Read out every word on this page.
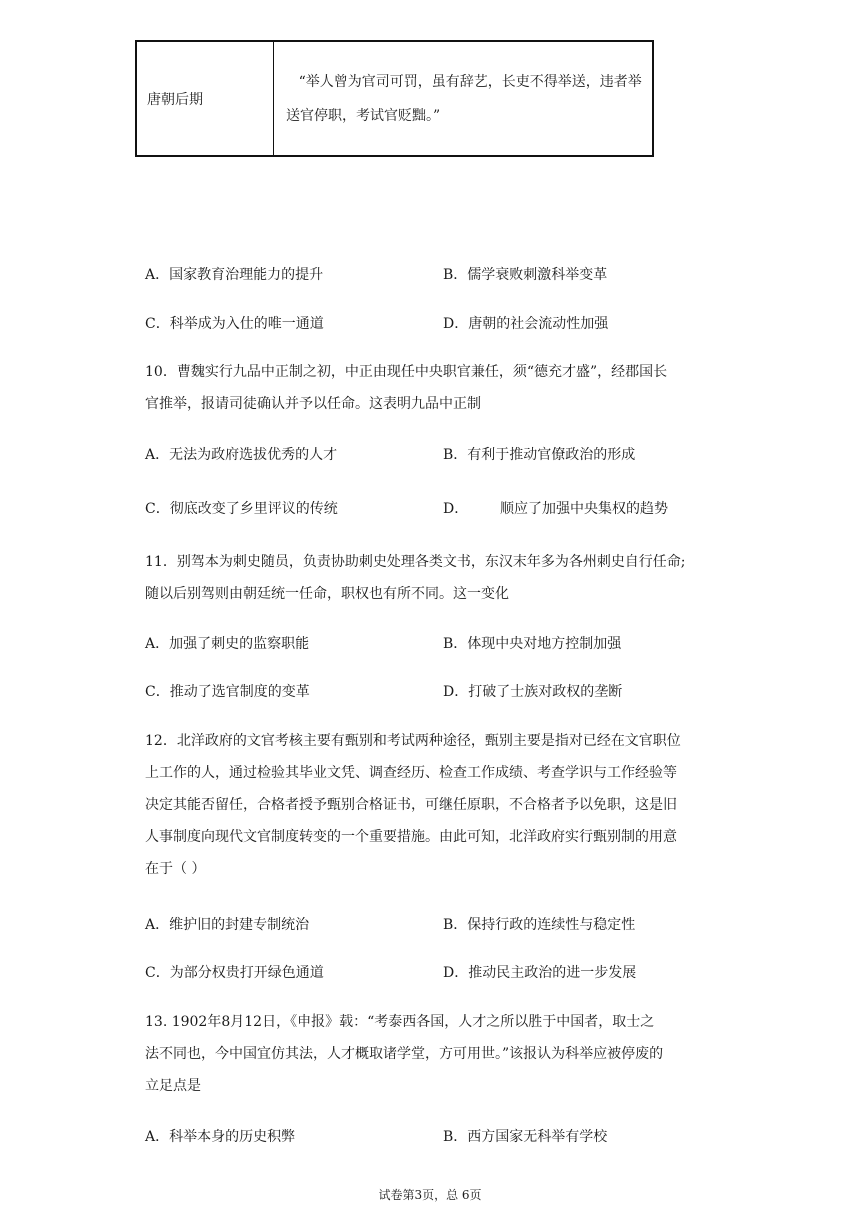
唐朝后期	“举人曾为官司可罚，虽有辞艺，长吏不得举送，违者举送官停职，考试官贬黜。”
A．国家教育治理能力的提升	B．儒学衰败刺激科举变革
C．科举成为入仕的唯一通道	D．唐朝的社会流动性加强
10．曹魏实行九品中正制之初，中正由现任中央职官兼任，须“德充才盛”，经郡国长
官推举，报请司徒确认并予以任命。这表明九品中正制
A．无法为政府选拔优秀的人才	B．有利于推动官僚政治的形成
C．彻底改变了乡里评议的传统	D． 顺应了加强中央集权的趋势
11．别驾本为刺史随员，负责协助刺史处理各类文书，东汉末年多为各州刺史自行任命;
随以后别驾则由朝廷统一任命，职权也有所不同。这一变化
A．加强了刺史的监察职能	B．体现中央对地方控制加强
C．推动了选官制度的变革	D．打破了士族对政权的垄断
12．北洋政府的文官考核主要有甄别和考试两种途径，甄别主要是指对已经在文官职位
上工作的人，通过检验其毕业文凭、调查经历、检查工作成绩、考查学识与工作经验等
决定其能否留任，合格者授予甄别合格证书，可继任原职，不合格者予以免职，这是旧
人事制度向现代文官制度转变的一个重要措施。由此可知，北洋政府实行甄别制的用意
在于（ ）
A．维护旧的封建专制统治	B．保持行政的连续性与稳定性
C．为部分权贵打开绿色通道	D．推动民主政治的进一步发展
13. 1902年8月12日，《申报》载：“考泰西各国，人才之所以胜于中国者，取士之
法不同也，今中国宜仿其法，人才概取诸学堂，方可用世。”该报认为科举应被停废的
立足点是
A．科举本身的历史积弊	B．西方国家无科举有学校
试卷第3页，总 6页
